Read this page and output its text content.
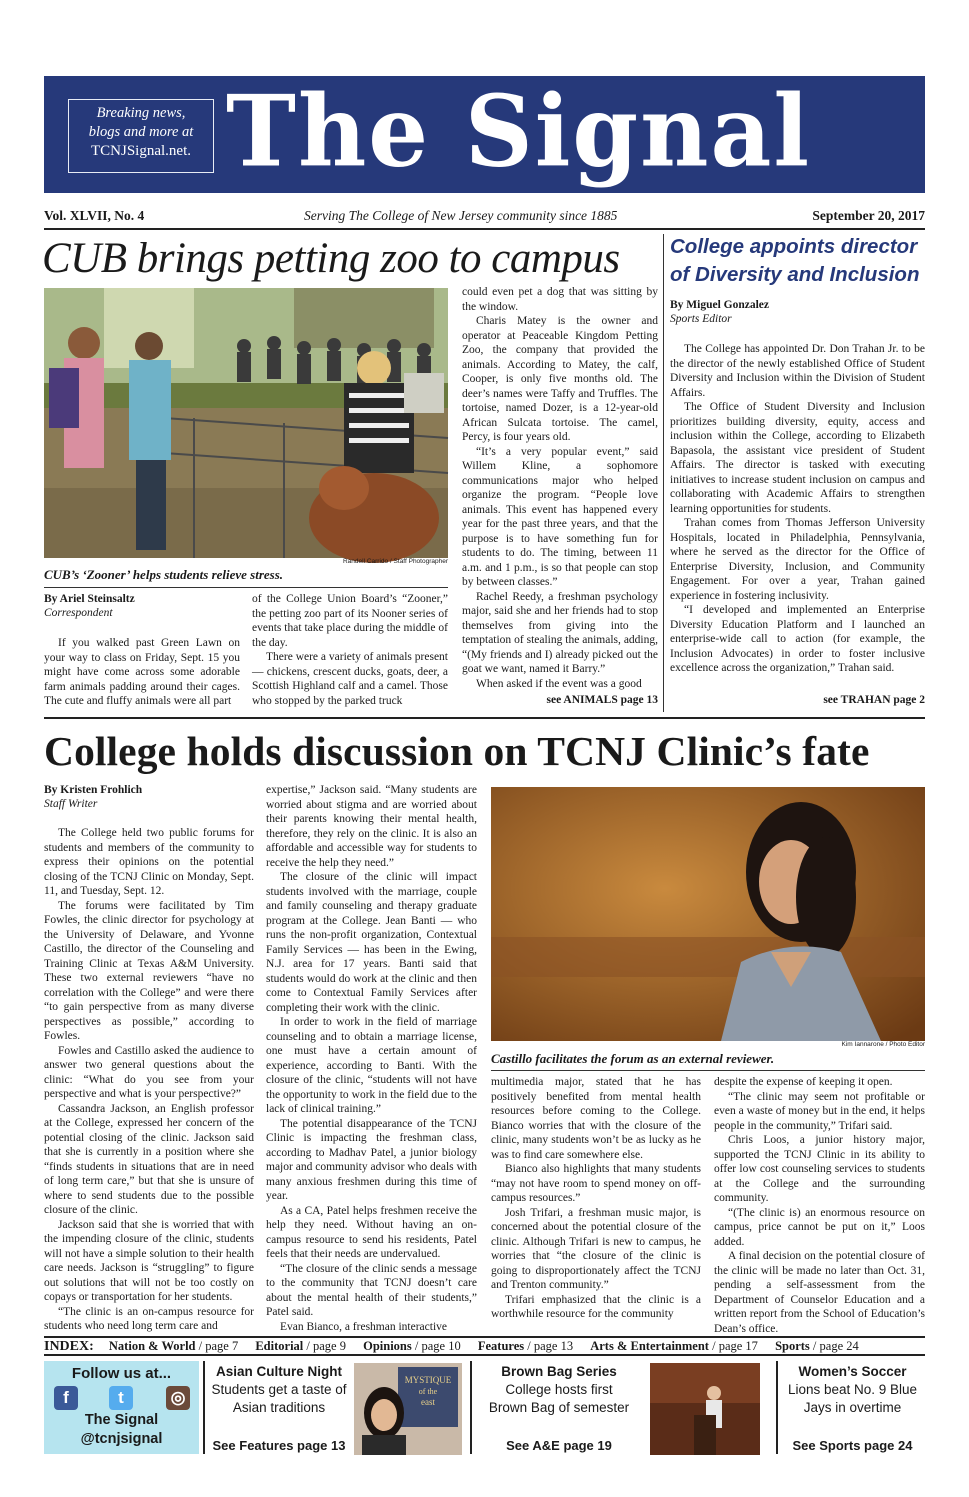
Breaking news,
blogs and more at
TCNJSignal.net. The Signal
Vol. XLVII, No. 4	Serving The College of New Jersey community since 1885	September 20, 2017
CUB brings petting zoo to campus
Randell Carrido / Staff Photographer
CUB’s ‘Zooner’ helps students relieve stress.
By Ariel Steinsaltz
Correspondent

If you walked past Green Lawn on your way to class on Friday, Sept. 15 you might have come across some adorable farm animals padding around their cages. The cute and fluffy animals were all part

of the College Union Board’s “Zooner,” the petting zoo part of its Nooner series of events that take place during the middle of the day.

There were a variety of animals present — chickens, crescent ducks, goats, deer, a Scottish Highland calf and a camel. Those who stopped by the parked truck

could even pet a dog that was sitting by the window.

Charis Matey is the owner and operator at Peaceable Kingdom Petting Zoo, the company that provided the animals. According to Matey, the calf, Cooper, is only five months old. The deer’s names were Taffy and Truffles. The tortoise, named Dozer, is a 12-year-old African Sulcata tortoise. The camel, Percy, is four years old.

“It’s a very popular event,” said Willem Kline, a sophomore communications major who helped organize the program. “People love animals. This event has happened every year for the past three years, and that the purpose is to have something fun for students to do. The timing, between 11 a.m. and 1 p.m., is so that people can stop by between classes.”

Rachel Reedy, a freshman psychology major, said she and her friends had to stop themselves from giving into the temptation of stealing the animals, adding, “(My friends and I) already picked out the goat we want, named it Barry.”

When asked if the event was a good

see ANIMALS page 13
College appoints director
of Diversity and Inclusion
By Miguel Gonzalez
Sports Editor

The College has appointed Dr. Don Trahan Jr. to be the director of the newly established Office of Student Diversity and Inclusion within the Division of Student Affairs.

The Office of Student Diversity and Inclusion prioritizes building diversity, equity, access and inclusion within the College, according to Elizabeth Bapasola, the assistant vice president of Student Affairs. The director is tasked with executing initiatives to increase student inclusion on campus and collaborating with Academic Affairs to strengthen learning opportunities for students.

Trahan comes from Thomas Jefferson University Hospitals, located in Philadelphia, Pennsylvania, where he served as the director for the Office of Enterprise Diversity, Inclusion, and Community Engagement. For over a year, Trahan gained experience in fostering inclusivity.

“I developed and implemented an Enterprise Diversity Education Platform and I launched an enterprise-wide call to action (for example, the Inclusion Advocates) in order to foster inclusive excellence across the organization,” Trahan said.

see TRAHAN page 2
College holds discussion on TCNJ Clinic’s fate
By Kristen Frohlich
Staff Writer

The College held two public forums for students and members of the community to express their opinions on the potential closing of the TCNJ Clinic on Monday, Sept. 11, and Tuesday, Sept. 12.

The forums were facilitated by Tim Fowles, the clinic director for psychology at the University of Delaware, and Yvonne Castillo, the director of the Counseling and Training Clinic at Texas A&M University. These two external reviewers “have no correlation with the College” and were there “to gain perspective from as many diverse perspectives as possible,” according to Fowles.

Fowles and Castillo asked the audience to answer two general questions about the clinic: “What do you see from your perspective and what is your perspective?”

Cassandra Jackson, an English professor at the College, expressed her concern of the potential closing of the clinic. Jackson said that she is currently in a position where she “finds students in situations that are in need of long term care,” but that she is unsure of where to send students due to the possible closure of the clinic.

Jackson said that she is worried that with the impending closure of the clinic, students will not have a simple solution to their health care needs. Jackson is “struggling” to figure out solutions that will not be too costly on copays or transportation for her students.

“The clinic is an on-campus resource for students who need long term care and

expertise,” Jackson said. “Many students are worried about stigma and are worried about their parents knowing their mental health, therefore, they rely on the clinic. It is also an affordable and accessible way for students to receive the help they need.”

The closure of the clinic will impact students involved with the marriage, couple and family counseling and therapy graduate program at the College. Jean Banti — who runs the non-profit organization, Contextual Family Services — has been in the Ewing, N.J. area for 17 years. Banti said that students would do work at the clinic and then come to Contextual Family Services after completing their work with the clinic.

In order to work in the field of marriage counseling and to obtain a marriage license, one must have a certain amount of experience, according to Banti. With the closure of the clinic, “students will not have the opportunity to work in the field due to the lack of clinical training.”

The potential disappearance of the TCNJ Clinic is impacting the freshman class, according to Madhav Patel, a junior biology major and community advisor who deals with many anxious freshmen during this time of year.

As a CA, Patel helps freshmen receive the help they need. Without having an on-campus resource to send his residents, Patel feels that their needs are undervalued.

“The closure of the clinic sends a message to the community that TCNJ doesn’t care about the mental health of their students,” Patel said.

Evan Bianco, a freshman interactive

Kim Iannarone / Photo Editor
Castillo facilitates the forum as an external reviewer.

multimedia major, stated that he has positively benefited from mental health resources before coming to the College. Bianco worries that with the closure of the clinic, many students won’t be as lucky as he was to find care somewhere else.

Bianco also highlights that many students “may not have room to spend money on off-campus resources.”

Josh Trifari, a freshman music major, is concerned about the potential closure of the clinic. Although Trifari is new to campus, he worries that “the closure of the clinic is going to disproportionately affect the TCNJ and Trenton community.”

Trifari emphasized that the clinic is a worthwhile resource for the community

despite the expense of keeping it open.

“The clinic may seem not profitable or even a waste of money but in the end, it helps people in the community,” Trifari said.

Chris Loos, a junior history major, supported the TCNJ Clinic in its ability to offer low cost counseling services to students at the College and the surrounding community.

“(The clinic is) an enormous resource on campus, price cannot be put on it,” Loos added.

A final decision on the potential closure of the clinic will be made no later than Oct. 31, pending a self-assessment from the Department of Counselor Education and a written report from the School of Education’s Dean’s office.

INDEX: Nation & World / page 7 Editorial / page 9 Opinions / page 10 Features / page 13 Arts & Entertainment / page 17 Sports / page 24
Follow us at...
f	t	◎
The Signal
@tcnjsignal
Asian Culture Night
Students get a taste of
Asian traditions
See Features page 13
MYSTIQUE
of the
east
Brown Bag Series
College hosts first
Brown Bag of semester
See A&E page 19
Women’s Soccer
Lions beat No. 9 Blue
Jays in overtime
See Sports page 24
